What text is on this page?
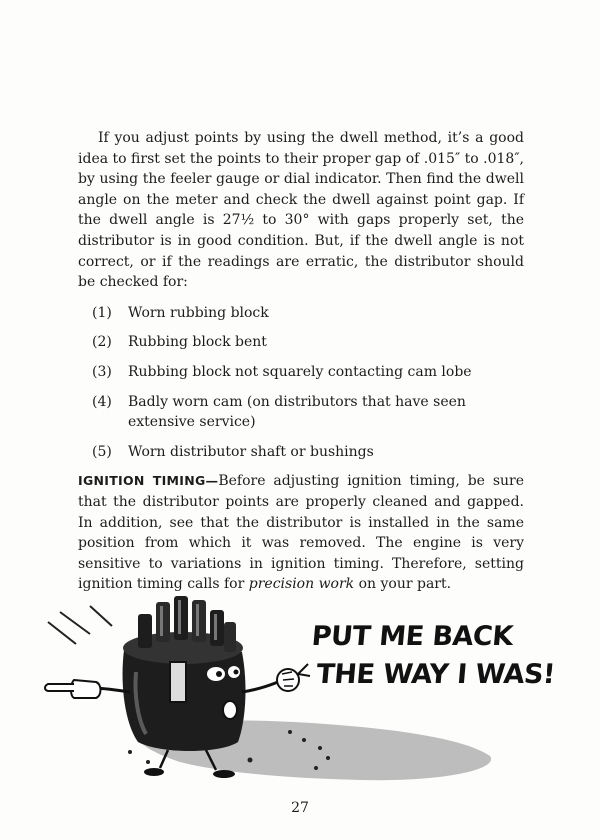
If you adjust points by using the dwell method, it’s a good idea to first set the points to their proper gap of .015″ to .018″, by using the feeler gauge or dial indicator. Then find the dwell angle on the meter and check the dwell against point gap. If the dwell angle is 27½ to 30° with gaps properly set, the distributor is in good condition. But, if the dwell angle is not correct, or if the readings are erratic, the distributor should be checked for:

(1)	Worn rubbing block
(2)	Rubbing block bent
(3)	Rubbing block not squarely contacting cam lobe
(4)	Badly worn cam (on distributors that have seen extensive service)
(5)	Worn distributor shaft or bushings

IGNITION TIMING—Before adjusting ignition timing, be sure that the distributor points are properly cleaned and gapped. In addition, see that the distributor is installed in the same position from which it was removed. The engine is very sensitive to variations in ignition timing. Therefore, setting ignition timing calls for precision work on your part.

PUT ME BACK
THE WAY I WAS!
27
